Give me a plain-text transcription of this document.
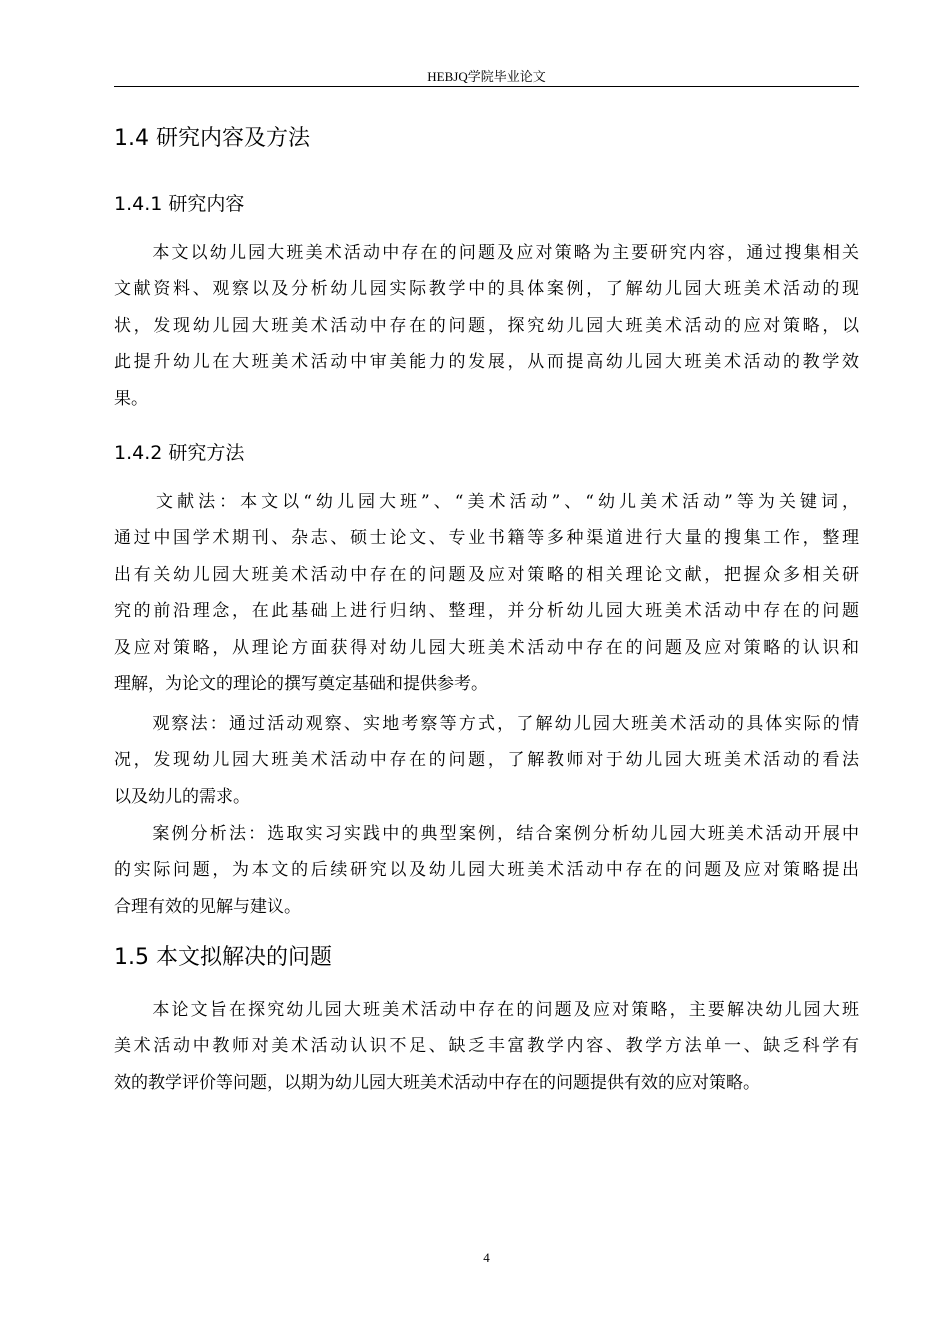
HEBJQ学院毕业论文
1.4 研究内容及方法
1.4.1 研究内容
　　本文以幼儿园大班美术活动中存在的问题及应对策略为主要研究内容，通过搜集相关
文献资料、观察以及分析幼儿园实际教学中的具体案例，了解幼儿园大班美术活动的现
状，发现幼儿园大班美术活动中存在的问题，探究幼儿园大班美术活动的应对策略，以
此提升幼儿在大班美术活动中审美能力的发展，从而提高幼儿园大班美术活动的教学效
果。
1.4.2 研究方法
　　文献法：本文以“幼儿园大班”、“美术活动”、“幼儿美术活动”等为关键词，
通过中国学术期刊、杂志、硕士论文、专业书籍等多种渠道进行大量的搜集工作，整理
出有关幼儿园大班美术活动中存在的问题及应对策略的相关理论文献，把握众多相关研
究的前沿理念，在此基础上进行归纳、整理，并分析幼儿园大班美术活动中存在的问题
及应对策略，从理论方面获得对幼儿园大班美术活动中存在的问题及应对策略的认识和
理解，为论文的理论的撰写奠定基础和提供参考。
　　观察法：通过活动观察、实地考察等方式，了解幼儿园大班美术活动的具体实际的情
况，发现幼儿园大班美术活动中存在的问题，了解教师对于幼儿园大班美术活动的看法
以及幼儿的需求。
　　案例分析法：选取实习实践中的典型案例，结合案例分析幼儿园大班美术活动开展中
的实际问题，为本文的后续研究以及幼儿园大班美术活动中存在的问题及应对策略提出
合理有效的见解与建议。
1.5 本文拟解决的问题
　　本论文旨在探究幼儿园大班美术活动中存在的问题及应对策略，主要解决幼儿园大班
美术活动中教师对美术活动认识不足、缺乏丰富教学内容、教学方法单一、缺乏科学有
效的教学评价等问题，以期为幼儿园大班美术活动中存在的问题提供有效的应对策略。
4
